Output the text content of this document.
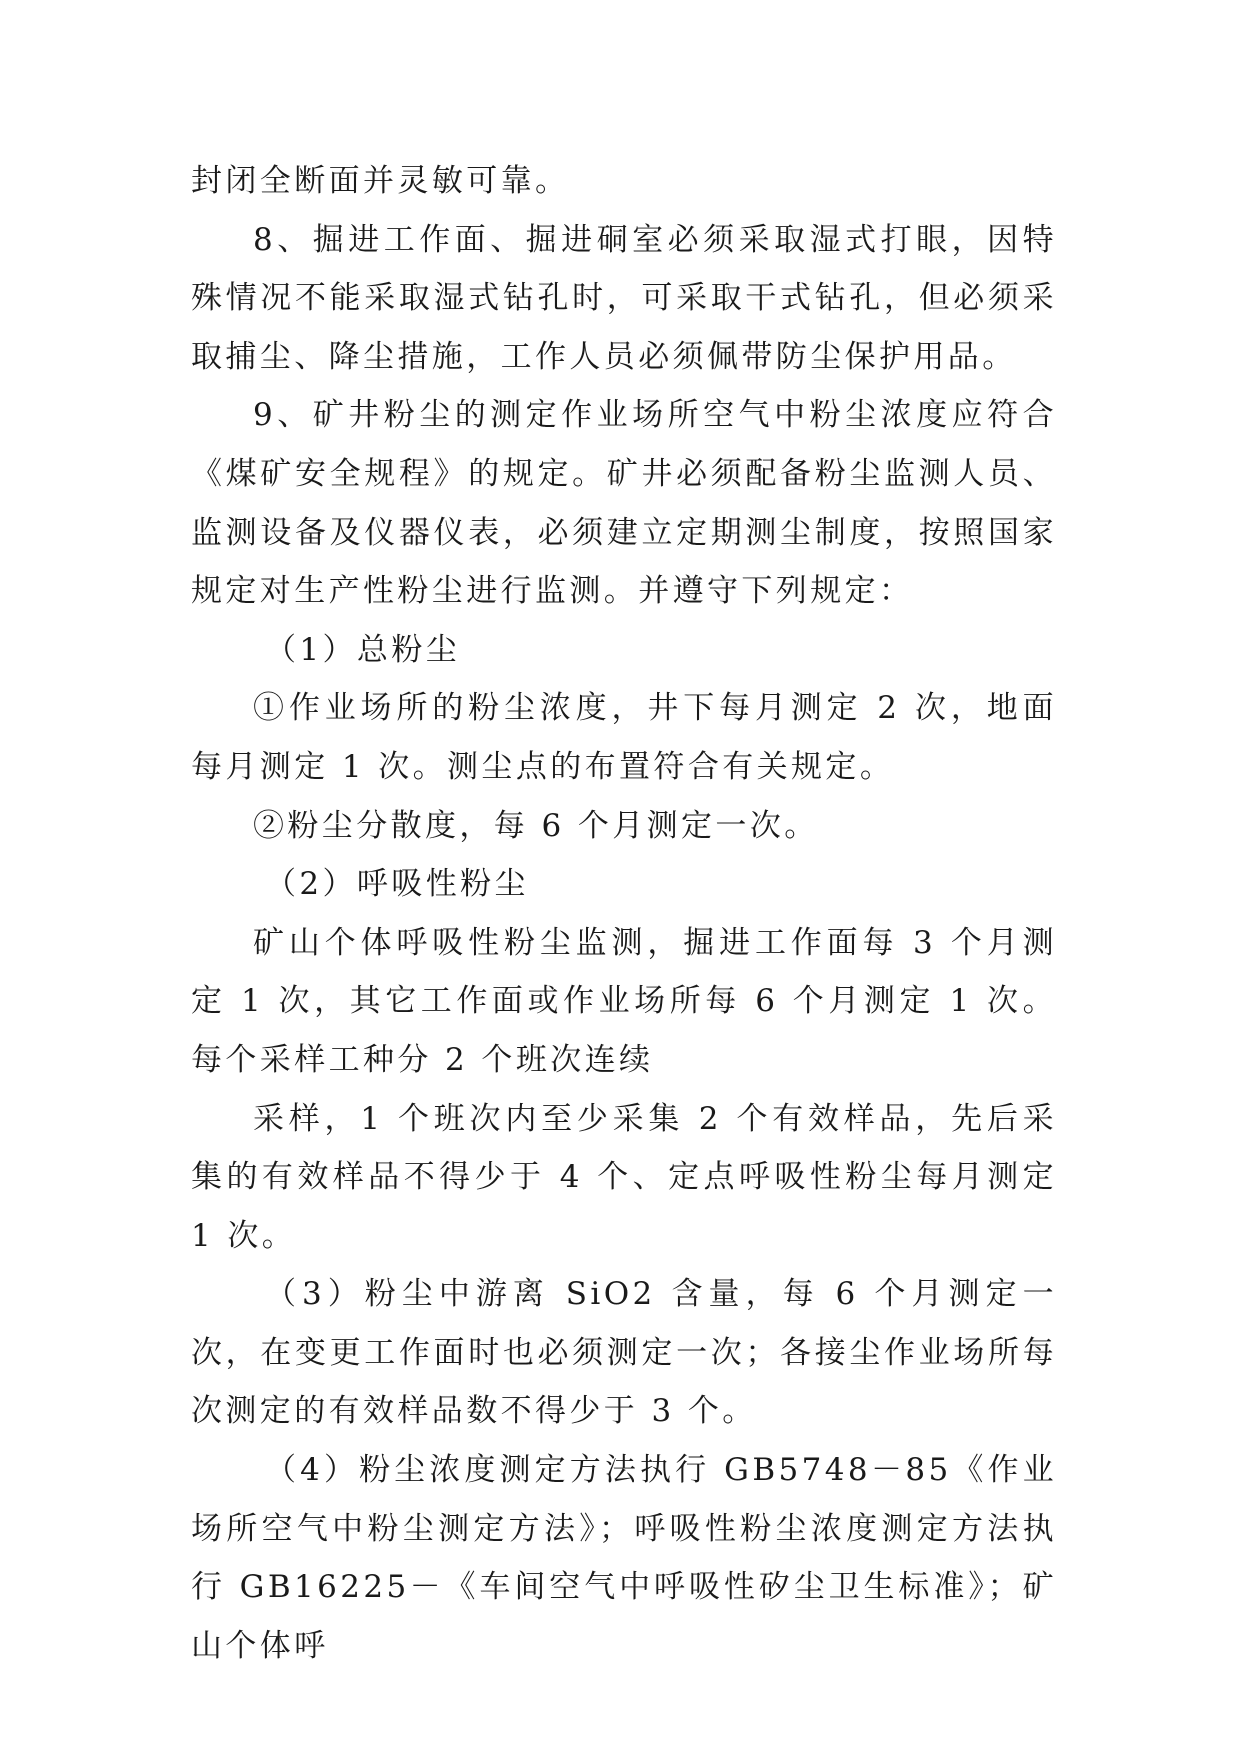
封闭全断面并灵敏可靠。

8、掘进工作面、掘进硐室必须采取湿式打眼，因特殊情况不能采取湿式钻孔时，可采取干式钻孔，但必须采取捕尘、降尘措施，工作人员必须佩带防尘保护用品。

9、矿井粉尘的测定作业场所空气中粉尘浓度应符合《煤矿安全规程》的规定。矿井必须配备粉尘监测人员、监测设备及仪器仪表，必须建立定期测尘制度，按照国家规定对生产性粉尘进行监测。并遵守下列规定：

（1）总粉尘

①作业场所的粉尘浓度，井下每月测定 2 次，地面每月测定 1 次。测尘点的布置符合有关规定。

②粉尘分散度，每 6 个月测定一次。

（2）呼吸性粉尘

矿山个体呼吸性粉尘监测，掘进工作面每 3 个月测定 1 次，其它工作面或作业场所每 6 个月测定 1 次。每个采样工种分 2 个班次连续

采样，1 个班次内至少采集 2 个有效样品，先后采集的有效样品不得少于 4 个、定点呼吸性粉尘每月测定 1 次。

（3）粉尘中游离 SiO2 含量，每 6 个月测定一次，在变更工作面时也必须测定一次；各接尘作业场所每次测定的有效样品数不得少于 3 个。

（4）粉尘浓度测定方法执行 GB5748－85《作业场所空气中粉尘测定方法》；呼吸性粉尘浓度测定方法执行 GB16225－《车间空气中呼吸性矽尘卫生标准》；矿山个体呼
